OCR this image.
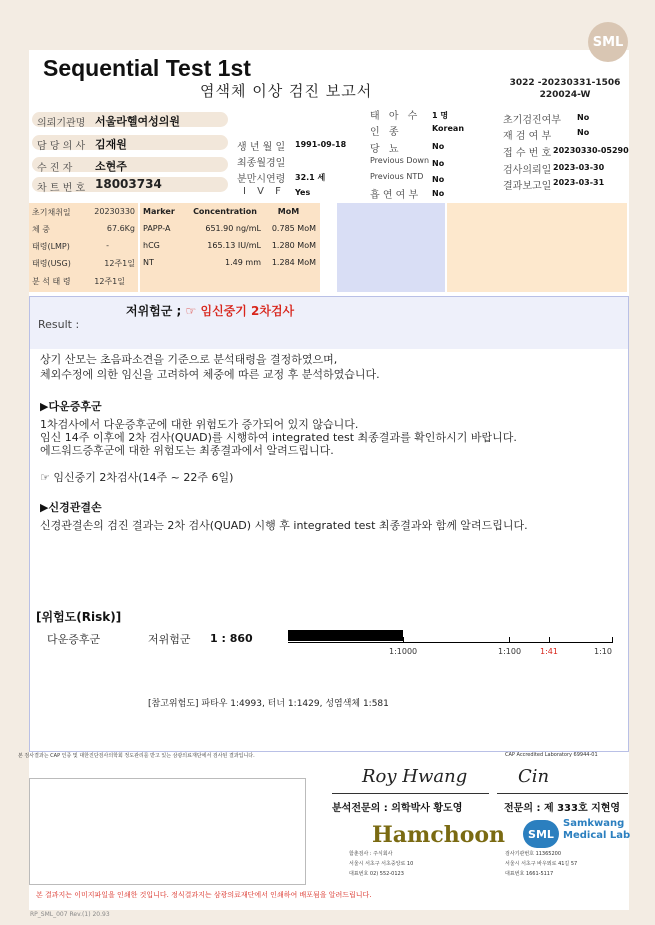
SML
Sequential Test 1st
염색체 이상 검진 보고서	3022 -20230331-1506
220024-W
의뢰기관명 서울라헬여성의원
담 당 의 사 김재원
수 진 자 소현주
차 트 번 호 18003734
생 년 월 일 1991-09-18
최종월경일
분만시연령 32.1 세
I V F Yes
태 아 수 1 명
인 종	Korean
당 뇨	No
Previous Down No
Previous NTD No
흡 연 여 부 No
초기검진여부 No
재 검 여 부	No
접 수 번 호 20230330-05290
검사의뢰일 2023-03-30
결과보고일 2023-03-31
초기채취일	20230330
체 중	67.6Kg
태령(LMP)	-
태령(USG)	12주1일
분 석 태 령	12주1일
Marker	Concentration	MoM
PAPP-A	651.90 ng/mL	0.785 MoM
hCG	165.13 IU/mL	1.280 MoM
NT	1.49 mm	1.284 MoM
Result :
저위험군 ; ☞ 임신중기 2차검사
상기 산모는 초음파소견을 기준으로 분석태령을 결정하였으며,
체외수정에 의한 임신을 고려하여 체중에 따른 교정 후 분석하였습니다.
▶다운증후군
1차검사에서 다운증후군에 대한 위험도가 증가되어 있지 않습니다.
임신 14주 이후에 2차 검사(QUAD)를 시행하여 integrated test 최종결과를 확인하시기 바랍니다.
에드워드증후군에 대한 위험도는 최종결과에서 알려드립니다.
☞ 임신중기 2차검사(14주 ~ 22주 6일)
▶신경관결손
신경관결손의 검진 결과는 2차 검사(QUAD) 시행 후 integrated test 최종결과와 함께 알려드립니다.
[위험도(Risk)]
다운증후군	저위험군 1 : 860
1:1000	1:100 1:41	1:10
[참고위험도] 파타우 1:4993, 터너 1:1429, 성염색체 1:581
본 검사결과는 CAP 인증 및 대한진단검사의학회 정도관리를 받고 있는 삼광의료재단에서 검사된 결과입니다.	CAP Accredited Laboratory 69944-01
Roy Hwang
분석전문의 : 의학박사 황도영
Cin
전문의 : 제 333호 지현영
Hamchoon
함춘검사 : 주식회사
서울시 서초구 서초중앙로 10
대표번호 02) 552-0123
SML
Samkwang
Medical Lab
검사기관번호 11365200
서울시 서초구 바우뫼로 41길 57
대표번호 1661-5117
본 결과지는 이미지파일을 인쇄한 것입니다. 정식결과지는 삼광의료재단에서 인쇄하여 배포됨을 알려드립니다.
RP_SML_007 Rev.(1) 20.93
